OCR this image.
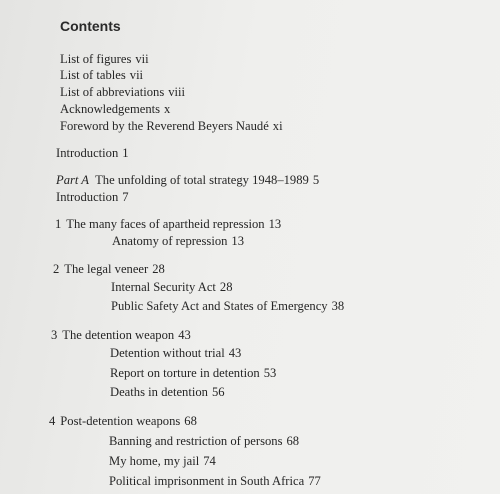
Contents
List of figures vii
List of tables vii
List of abbreviations viii
Acknowledgements x
Foreword by the Reverend Beyers Naudé xi
Introduction 1
Part A The unfolding of total strategy 1948–1989 5
Introduction 7
1 The many faces of apartheid repression 13
Anatomy of repression 13
2 The legal veneer 28
Internal Security Act 28
Public Safety Act and States of Emergency 38
3 The detention weapon 43
Detention without trial 43
Report on torture in detention 53
Deaths in detention 56
4 Post-detention weapons 68
Banning and restriction of persons 68
My home, my jail 74
Political imprisonment in South Africa 77
